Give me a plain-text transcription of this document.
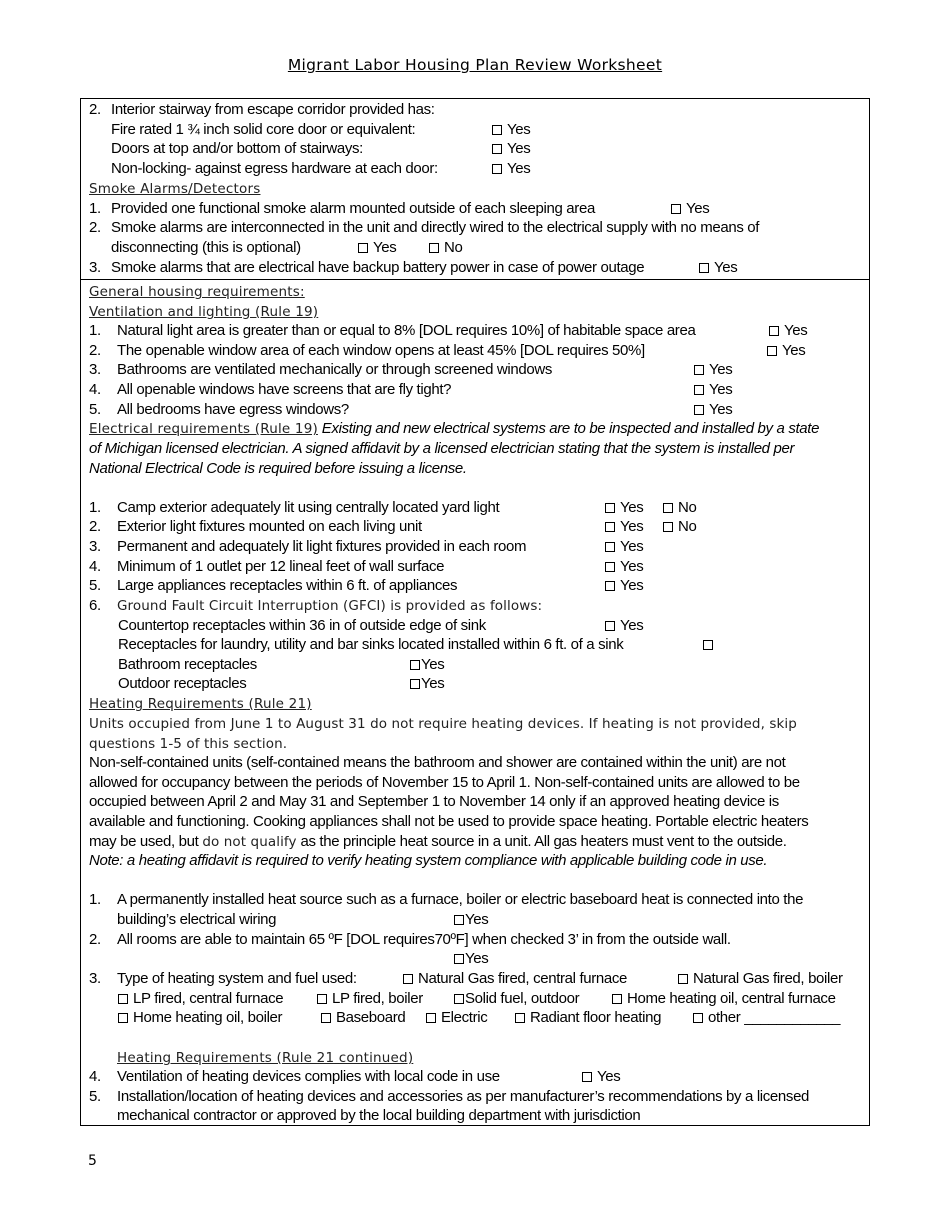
Migrant Labor Housing Plan Review Worksheet
2. Interior stairway from escape corridor provided has:
Fire rated 1 ¾ inch solid core door or equivalent:	Yes
Doors at top and/or bottom of stairways:	Yes
Non-locking- against egress hardware at each door:	Yes
Smoke Alarms/Detectors
1. Provided one functional smoke alarm mounted outside of each sleeping area	Yes
2. Smoke alarms are interconnected in the unit and directly wired to the electrical supply with no means of
disconnecting (this is optional)	Yes	No
3. Smoke alarms that are electrical have backup battery power in case of power outage	Yes
General housing requirements:
Ventilation and lighting (Rule 19)
1. Natural light area is greater than or equal to 8% [DOL requires 10%] of habitable space area	Yes
2. The openable window area of each window opens at least 45% [DOL requires 50%]	Yes
3. Bathrooms are ventilated mechanically or through screened windows	Yes
4. All openable windows have screens that are fly tight?	Yes
5. All bedrooms have egress windows?	Yes
Electrical requirements (Rule 19) Existing and new electrical systems are to be inspected and installed by a state
of Michigan licensed electrician. A signed affidavit by a licensed electrician stating that the system is installed per
National Electrical Code is required before issuing a license.
1. Camp exterior adequately lit using centrally located yard light	Yes	No
2. Exterior light fixtures mounted on each living unit	Yes	No
3. Permanent and adequately lit light fixtures provided in each room	Yes
4. Minimum of 1 outlet per 12 lineal feet of wall surface	Yes
5. Large appliances receptacles within 6 ft. of appliances	Yes
6. Ground Fault Circuit Interruption (GFCI) is provided as follows:
Countertop receptacles within 36 in of outside edge of sink	Yes
Receptacles for laundry, utility and bar sinks located installed within 6 ft. of a sink
Bathroom receptacles	Yes
Outdoor receptacles	Yes
Heating Requirements (Rule 21)
Units occupied from June 1 to August 31 do not require heating devices. If heating is not provided, skip
questions 1-5 of this section.
Non-self-contained units (self-contained means the bathroom and shower are contained within the unit) are not
allowed for occupancy between the periods of November 15 to April 1. Non-self-contained units are allowed to be
occupied between April 2 and May 31 and September 1 to November 14 only if an approved heating device is
available and functioning. Cooking appliances shall not be used to provide space heating. Portable electric heaters
may be used, but do not qualify as the principle heat source in a unit. All gas heaters must vent to the outside.
Note: a heating affidavit is required to verify heating system compliance with applicable building code in use.
1. A permanently installed heat source such as a furnace, boiler or electric baseboard heat is connected into the
building’s electrical wiring	Yes
2. All rooms are able to maintain 65 ºF [DOL requires70ºF] when checked 3’ in from the outside wall.
Yes
3. Type of heating system and fuel used:	Natural Gas fired, central furnace	Natural Gas fired, boiler
LP fired, central furnace	LP fired, boiler	Solid fuel, outdoor	Home heating oil, central furnace
Home heating oil, boiler	Baseboard	Electric	Radiant floor heating	other ____________
Heating Requirements (Rule 21 continued)
4. Ventilation of heating devices complies with local code in use	Yes
5. Installation/location of heating devices and accessories as per manufacturer’s recommendations by a licensed
mechanical contractor or approved by the local building department with jurisdiction
5
